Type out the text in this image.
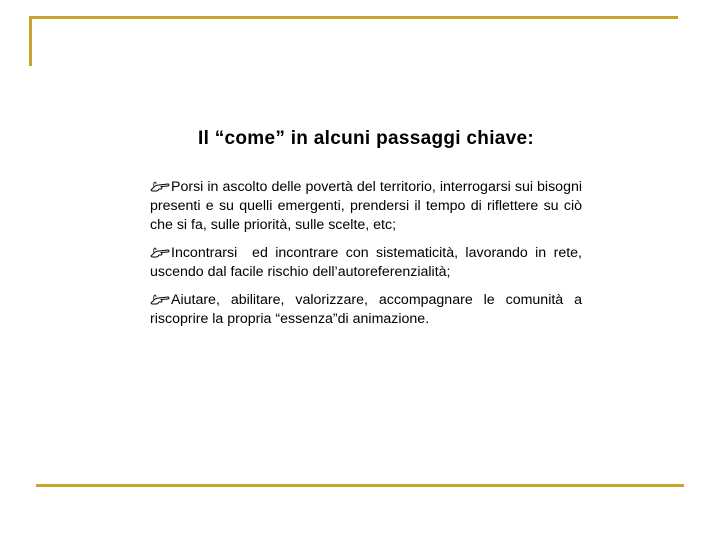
Il “come” in alcuni passaggi chiave:

Porsi in ascolto delle povertà del territorio, interrogarsi sui bisogni presenti e su quelli emergenti, prendersi il tempo di riflettere su ciò che si fa, sulle priorità, sulle scelte, etc;

Incontrarsi  ed incontrare con sistematicità, lavorando in rete, uscendo dal facile rischio dell’autoreferenzialità;

Aiutare, abilitare, valorizzare, accompagnare le comunità a riscoprire la propria “essenza”di animazione.
